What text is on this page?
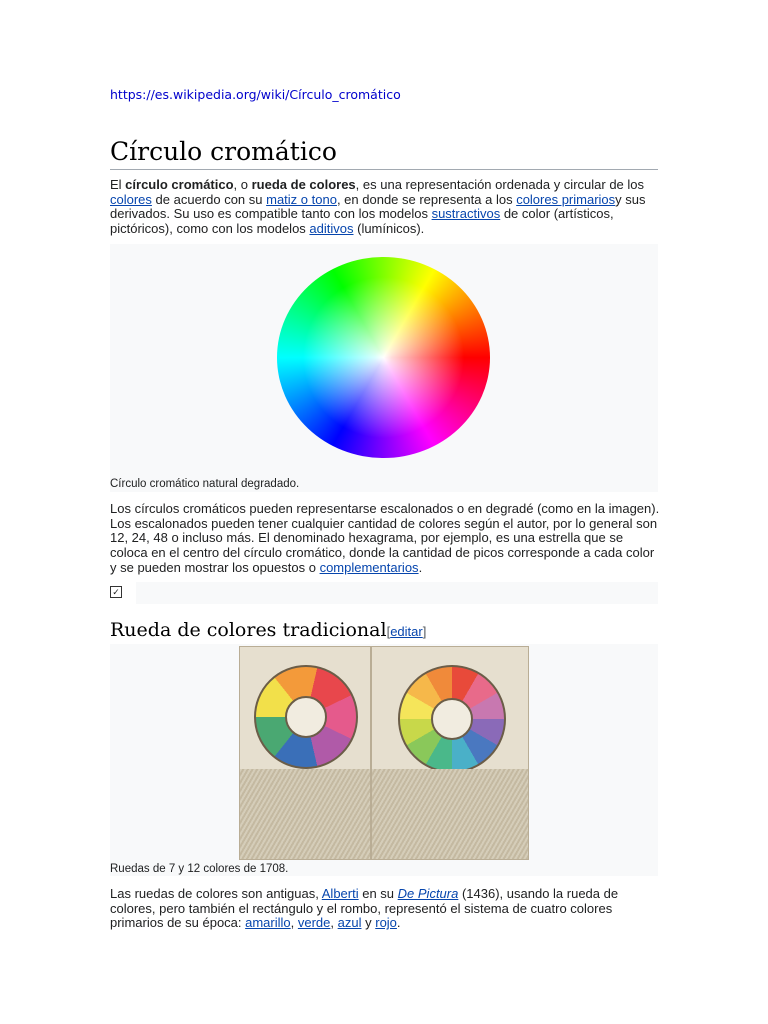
https://es.wikipedia.org/wiki/Círculo_cromático
Círculo cromático

El círculo cromático, o rueda de colores, es una representación ordenada y circular de los colores de acuerdo con su matiz o tono, en donde se representa a los colores primariosy sus derivados. Su uso es compatible tanto con los modelos sustractivos de color (artísticos, pictóricos), como con los modelos aditivos (lumínicos).

Círculo cromático natural degradado.

Los círculos cromáticos pueden representarse escalonados o en degradé (como en la imagen). Los escalonados pueden tener cualquier cantidad de colores según el autor, por lo general son 12, 24, 48 o incluso más. El denominado hexagrama, por ejemplo, es una estrella que se coloca en el centro del círculo cromático, donde la cantidad de picos corresponde a cada color y se pueden mostrar los opuestos o complementarios.

✓
Rueda de colores tradicional[editar]
Ruedas de 7 y 12 colores de 1708.

Las ruedas de colores son antiguas, Alberti en su De Pictura (1436), usando la rueda de colores, pero también el rectángulo y el rombo, representó el sistema de cuatro colores primarios de su época: amarillo, verde, azul y rojo.
